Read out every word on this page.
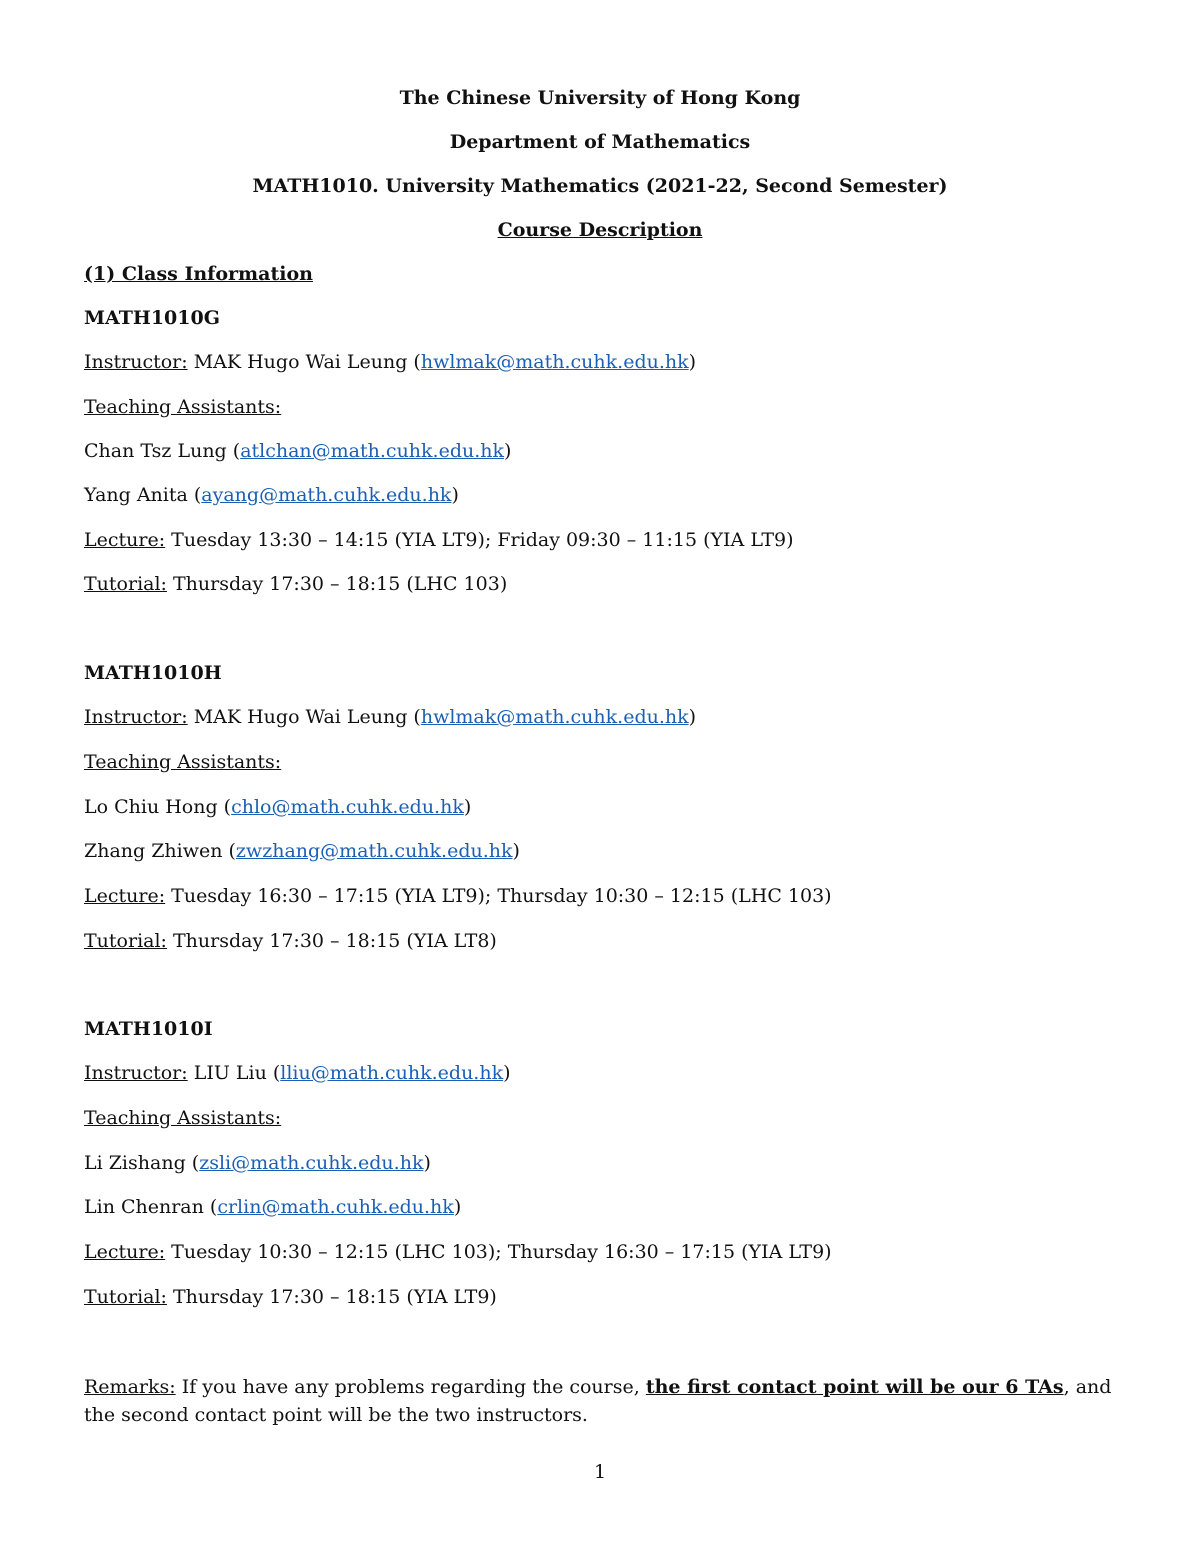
The Chinese University of Hong Kong
Department of Mathematics
MATH1010. University Mathematics (2021-22, Second Semester)
Course Description
(1) Class Information
MATH1010G
Instructor: MAK Hugo Wai Leung (hwlmak@math.cuhk.edu.hk)
Teaching Assistants:
Chan Tsz Lung (atlchan@math.cuhk.edu.hk)
Yang Anita (ayang@math.cuhk.edu.hk)
Lecture: Tuesday 13:30 – 14:15 (YIA LT9); Friday 09:30 – 11:15 (YIA LT9)
Tutorial: Thursday 17:30 – 18:15 (LHC 103)
MATH1010H
Instructor: MAK Hugo Wai Leung (hwlmak@math.cuhk.edu.hk)
Teaching Assistants:
Lo Chiu Hong (chlo@math.cuhk.edu.hk)
Zhang Zhiwen (zwzhang@math.cuhk.edu.hk)
Lecture: Tuesday 16:30 – 17:15 (YIA LT9); Thursday 10:30 – 12:15 (LHC 103)
Tutorial: Thursday 17:30 – 18:15 (YIA LT8)
MATH1010I
Instructor: LIU Liu (lliu@math.cuhk.edu.hk)
Teaching Assistants:
Li Zishang (zsli@math.cuhk.edu.hk)
Lin Chenran (crlin@math.cuhk.edu.hk)
Lecture: Tuesday 10:30 – 12:15 (LHC 103); Thursday 16:30 – 17:15 (YIA LT9)
Tutorial: Thursday 17:30 – 18:15 (YIA LT9)
Remarks: If you have any problems regarding the course, the first contact point will be our 6 TAs, and the second contact point will be the two instructors.
1
